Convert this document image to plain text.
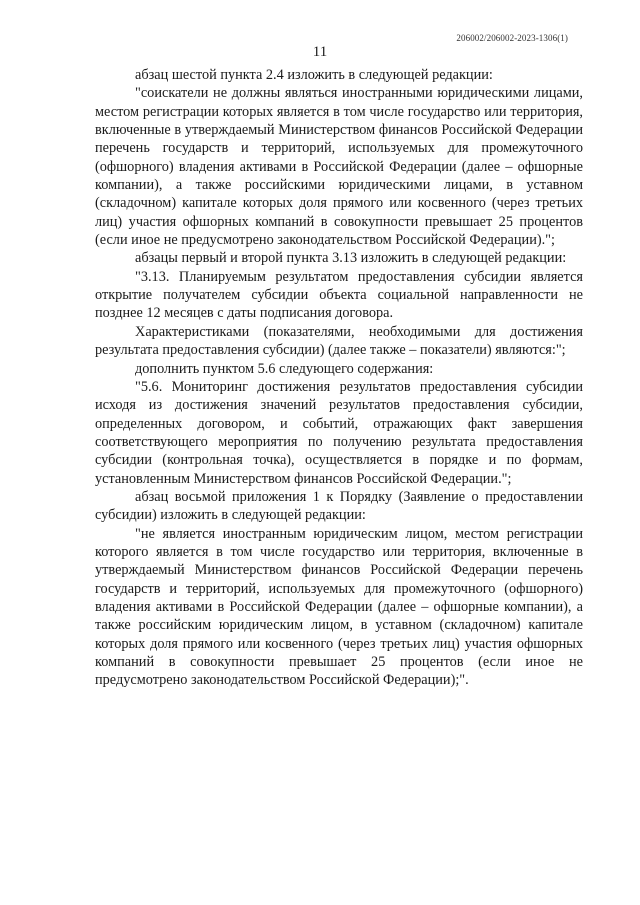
206002/206002-2023-1306(1)
11

абзац шестой пункта 2.4 изложить в следующей редакции:

"соискатели не должны являться иностранными юридическими лицами, местом регистрации которых является в том числе государство или территория, включенные в утверждаемый Министерством финансов Российской Федерации перечень государств и территорий, используемых для промежуточного (офшорного) владения активами в Российской Федерации (далее – офшорные компании), а также российскими юридическими лицами, в уставном (складочном) капитале которых доля прямого или косвенного (через третьих лиц) участия офшорных компаний в совокупности превышает 25 процентов (если иное не предусмотрено законодательством Российской Федерации).";

абзацы первый и второй пункта 3.13 изложить в следующей редакции:

"3.13. Планируемым результатом предоставления субсидии является открытие получателем субсидии объекта социальной направленности не позднее 12 месяцев с даты подписания договора.

Характеристиками (показателями, необходимыми для достижения результата предоставления субсидии) (далее также – показатели) являются:";

дополнить пунктом 5.6 следующего содержания:

"5.6. Мониторинг достижения результатов предоставления субсидии исходя из достижения значений результатов предоставления субсидии, определенных договором, и событий, отражающих факт завершения соответствующего мероприятия по получению результата предоставления субсидии (контрольная точка), осуществляется в порядке и по формам, установленным Министерством финансов Российской Федерации.";

абзац восьмой приложения 1 к Порядку (Заявление о предоставлении субсидии) изложить в следующей редакции:

"не является иностранным юридическим лицом, местом регистрации которого является в том числе государство или территория, включенные в утверждаемый Министерством финансов Российской Федерации перечень государств и территорий, используемых для промежуточного (офшорного) владения активами в Российской Федерации (далее – офшорные компании), а также российским юридическим лицом, в уставном (складочном) капитале которых доля прямого или косвенного (через третьих лиц) участия офшорных компаний в совокупности превышает 25 процентов (если иное не предусмотрено законодательством Российской Федерации);".
